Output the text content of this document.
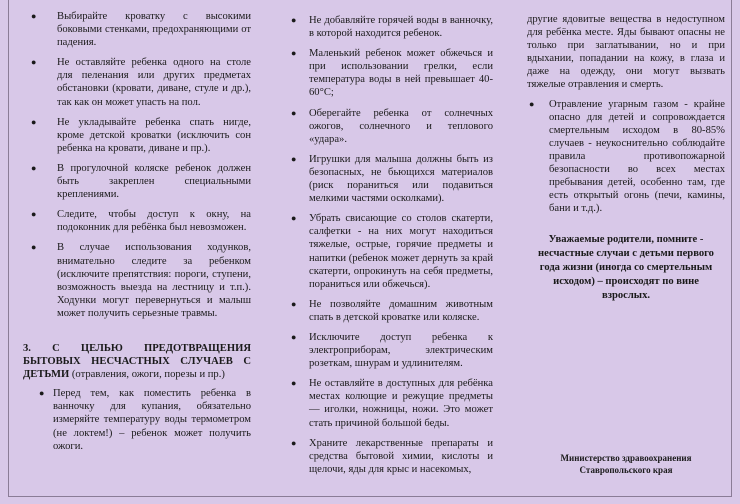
● Выбирайте кроватку с высокими боковыми стенками, предохраняющими от падения.
● Не оставляйте ребенка одного на столе для пеленания или других предметах обстановки (кровати, диване, стуле и др.), так как он может упасть на пол.
● Не укладывайте ребенка спать нигде, кроме детской кроватки (исключить сон ребенка на кровати, диване и пр.).
● В прогулочной коляске ребенок должен быть закреплен специальными креплениями.
● Следите, чтобы доступ к окну, на подоконник для ребёнка был невозможен.
● В случае использования ходунков, внимательно следите за ребенком (исключите препятствия: пороги, ступени, возможность выезда на лестницу и т.п.). Ходунки могут перевернуться и малыш может получить серьезные травмы.
3. С ЦЕЛЬЮ ПРЕДОТВРАЩЕНИЯ БЫТОВЫХ НЕСЧАСТНЫХ СЛУЧАЕВ С ДЕТЬМИ (отравления, ожоги, порезы и пр.)
● Перед тем, как поместить ребенка в ванночку для купания, обязательно измеряйте температуру воды термометром (не локтем!) – ребенок может получить ожоги.
● Не добавляйте горячей воды в ванночку, в которой находится ребенок.
● Маленький ребенок может обжечься и при использовании грелки, если температура воды в ней превышает 40-60°С;
● Оберегайте ребенка от солнечных ожогов, солнечного и теплового «удара».
● Игрушки для малыша должны быть из безопасных, не бьющихся материалов (риск пораниться или подавиться мелкими частями осколками).
● Убрать свисающие со столов скатерти, салфетки - на них могут находиться тяжелые, острые, горячие предметы и напитки (ребенок может дернуть за край скатерти, опрокинуть на себя предметы, пораниться или обжечься).
● Не позволяйте домашним животным спать в детской кроватке или коляске.
● Исключите доступ ребенка к электроприборам, электрическим розеткам, шнурам и удлинителям.
● Не оставляйте в доступных для ребёнка местах колющие и режущие предметы — иголки, ножницы, ножи. Это может стать причиной большой беды.
● Храните лекарственные препараты и средства бытовой химии, кислоты и щелочи, яды для крыс и насекомых,

другие ядовитые вещества в недоступном для ребёнка месте. Яды бывают опасны не только при заглатывании, но и при вдыхании, попадании на кожу, в глаза и даже на одежду, они могут вызвать тяжелые отравления и смерть.

● Отравление угарным газом - крайне опасно для детей и сопровождается смертельным исходом в 80-85% случаев - неукоснительно соблюдайте правила противопожарной безопасности во всех местах пребывания детей, особенно там, где есть открытый огонь (печи, камины, бани и т.д.).
Уважаемые родители, помните - несчастные случаи с детьми первого года жизни (иногда со смертельным исходом) – происходят по вине взрослых.
Министерство здравоохранения
Ставропольского края
